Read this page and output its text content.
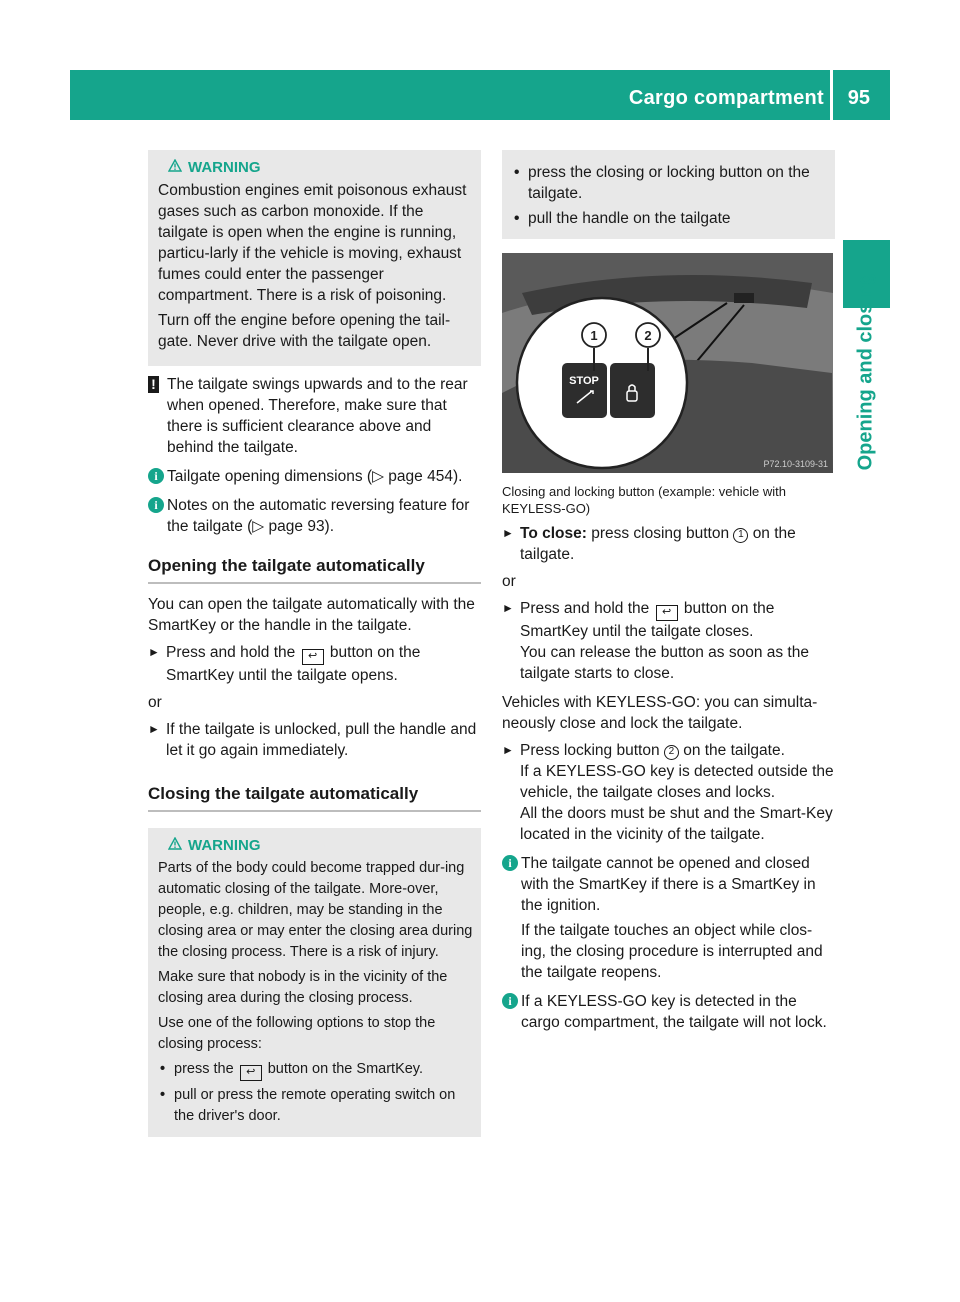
Cargo compartment 95
Opening and closing
WARNING

Combustion engines emit poisonous exhaust gases such as carbon monoxide. If the tailgate is open when the engine is running, particu-larly if the vehicle is moving, exhaust fumes could enter the passenger compartment. There is a risk of poisoning.

Turn off the engine before opening the tail-gate. Never drive with the tailgate open.

! The tailgate swings upwards and to the rear when opened. Therefore, make sure that there is sufficient clearance above and behind the tailgate.
i Tailgate opening dimensions (▷ page 454).
i Notes on the automatic reversing feature for the tailgate (▷ page 93).
Opening the tailgate automatically

You can open the tailgate automatically with the SmartKey or the handle in the tailgate.

► Press and hold the ↩ button on the SmartKey until the tailgate opens.

or

► If the tailgate is unlocked, pull the handle and let it go again immediately.
Closing the tailgate automatically
WARNING

Parts of the body could become trapped dur-ing automatic closing of the tailgate. More-over, people, e.g. children, may be standing in the closing area or may enter the closing area during the closing process. There is a risk of injury.

Make sure that nobody is in the vicinity of the closing area during the closing process.

Use one of the following options to stop the closing process:

• press the ↩ button on the SmartKey.
• pull or press the remote operating switch on the driver's door.
• press the closing or locking button on the tailgate.
• pull the handle on the tailgate
STOP
1	2
P72.10-3109-31

Closing and locking button (example: vehicle with KEYLESS-GO)

► To close: press closing button 1 on the tailgate.

or

► Press and hold the ↩ button on the SmartKey until the tailgate closes.
You can release the button as soon as the tailgate starts to close.

Vehicles with KEYLESS-GO: you can simulta-neously close and lock the tailgate.

► Press locking button 2 on the tailgate.
If a KEYLESS-GO key is detected outside the vehicle, the tailgate closes and locks.
All the doors must be shut and the Smart-Key located in the vicinity of the tailgate.
i The tailgate cannot be opened and closed with the SmartKey if there is a SmartKey in the ignition.
If the tailgate touches an object while clos-ing, the closing procedure is interrupted and the tailgate reopens.
i If a KEYLESS-GO key is detected in the cargo compartment, the tailgate will not lock.
